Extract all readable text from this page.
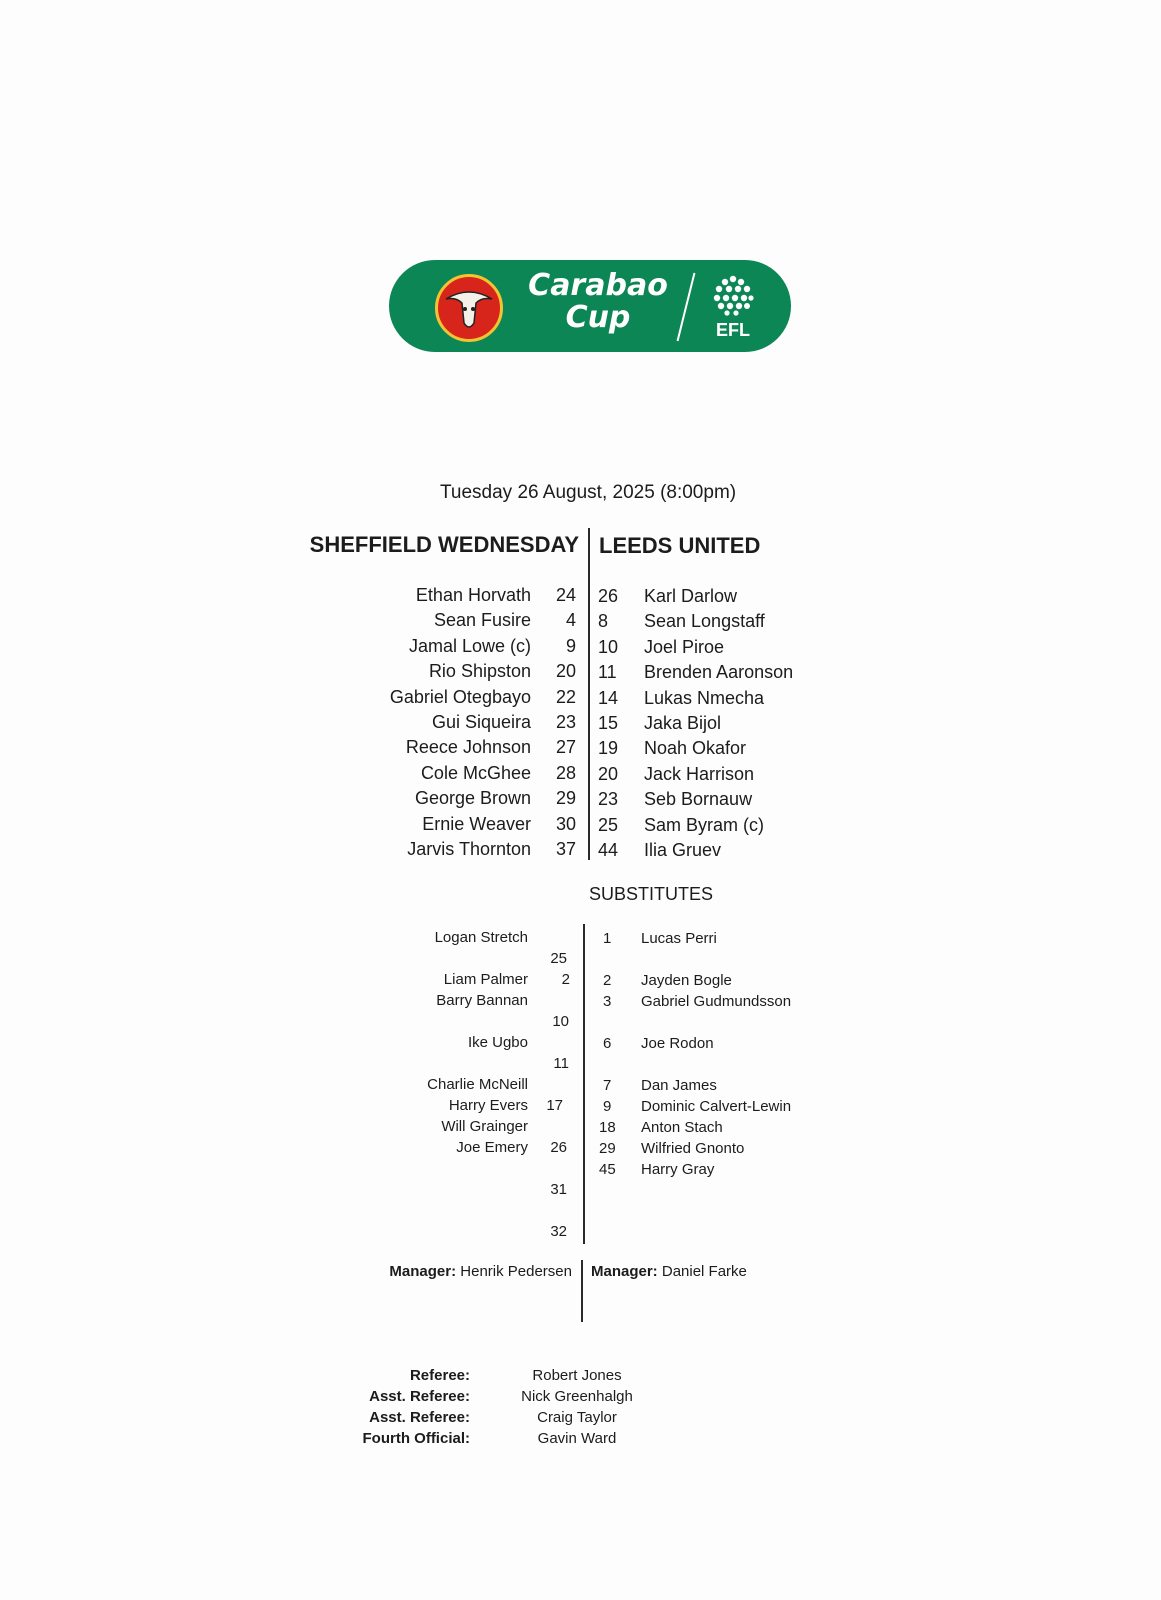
Carabao
Cup	EFL
Tuesday 26 August, 2025 (8:00pm)
SHEFFIELD WEDNESDAY LEEDS UNITED
Ethan Horvath
Sean Fusire
Jamal Lowe (c)
Rio Shipston
Gabriel Otegbayo
Gui Siqueira
Reece Johnson
Cole McGhee
George Brown
Ernie Weaver
Jarvis Thornton
24
4
9
20
22
23
27
28
29
30
37
26
8
10
11
14
15
19
20
23
25
44
Karl Darlow
Sean Longstaff
Joel Piroe
Brenden Aaronson
Lukas Nmecha
Jaka Bijol
Noah Okafor
Jack Harrison
Seb Bornauw
Sam Byram (c)
Ilia Gruev
SUBSTITUTES
Logan Stretch
Liam Palmer
Barry Bannan
Ike Ugbo
Charlie McNeill
Harry Evers
Will Grainger
Joe Emery
25
2
10
11
17
26
31
32
1 Lucas Perri
2 Jayden Bogle
3 Gabriel Gudmundsson
6 Joe Rodon
7 Dan James
9 Dominic Calvert-Lewin
18 Anton Stach
29 Wilfried Gnonto
45 Harry Gray
Manager: Henrik Pedersen Manager: Daniel Farke
Referee:
Asst. Referee:
Asst. Referee:
Fourth Official:
Robert Jones
Nick Greenhalgh
Craig Taylor
Gavin Ward
